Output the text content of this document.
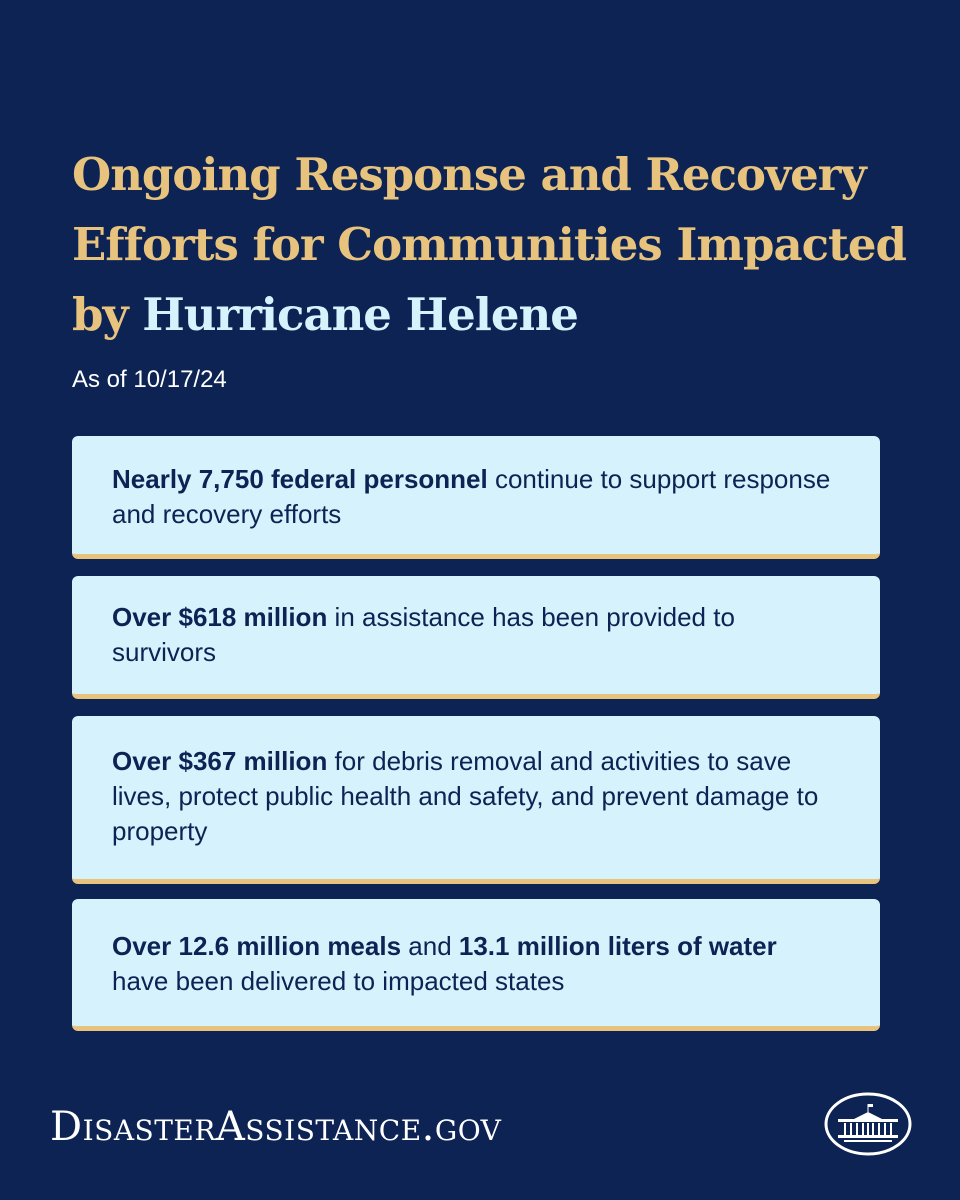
Ongoing Response and Recovery Efforts for Communities Impacted by Hurricane Helene

As of 10/17/24

Nearly 7,750 federal personnel continue to support response and recovery efforts

Over $618 million in assistance has been provided to survivors

Over $367 million for debris removal and activities to save lives, protect public health and safety, and prevent damage to property

Over 12.6 million meals and 13.1 million liters of water have been delivered to impacted states

DisasterAssistance.gov
